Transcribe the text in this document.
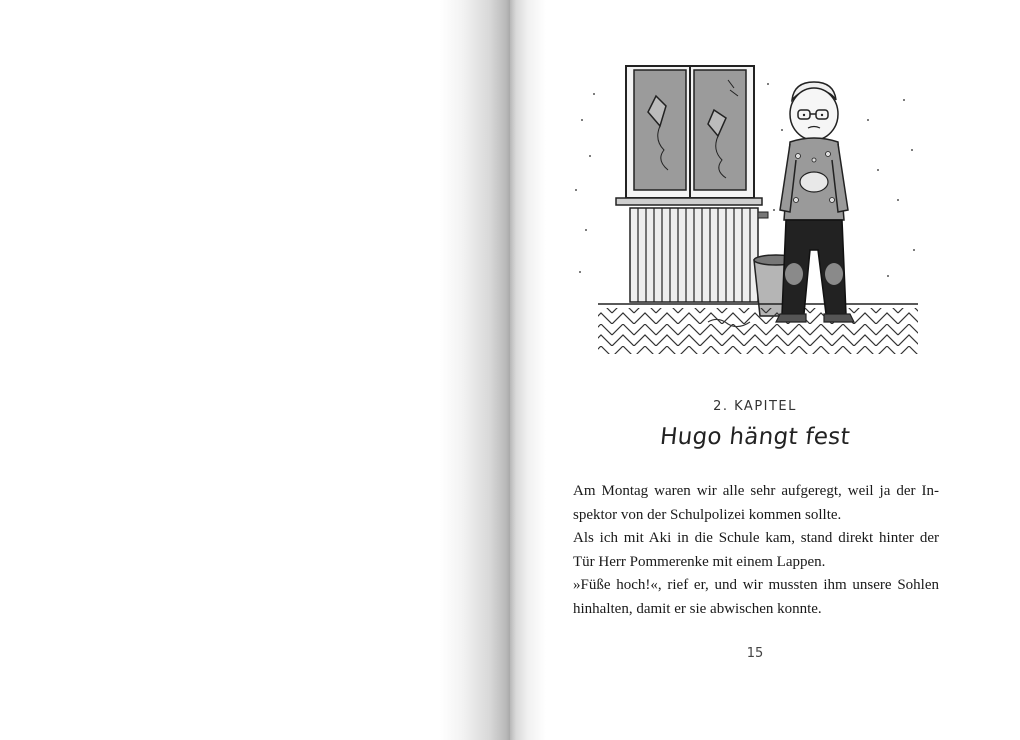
2. KAPITEL
Hugo hängt fest
Am Montag waren wir alle sehr aufgeregt, weil ja der In-
spektor von der Schulpolizei kommen sollte.
Als ich mit Aki in die Schule kam, stand direkt hinter der
Tür Herr Pommerenke mit einem Lappen.
»Füße hoch!«, rief er, und wir mussten ihm unsere Sohlen
hinhalten, damit er sie abwischen konnte.
15
